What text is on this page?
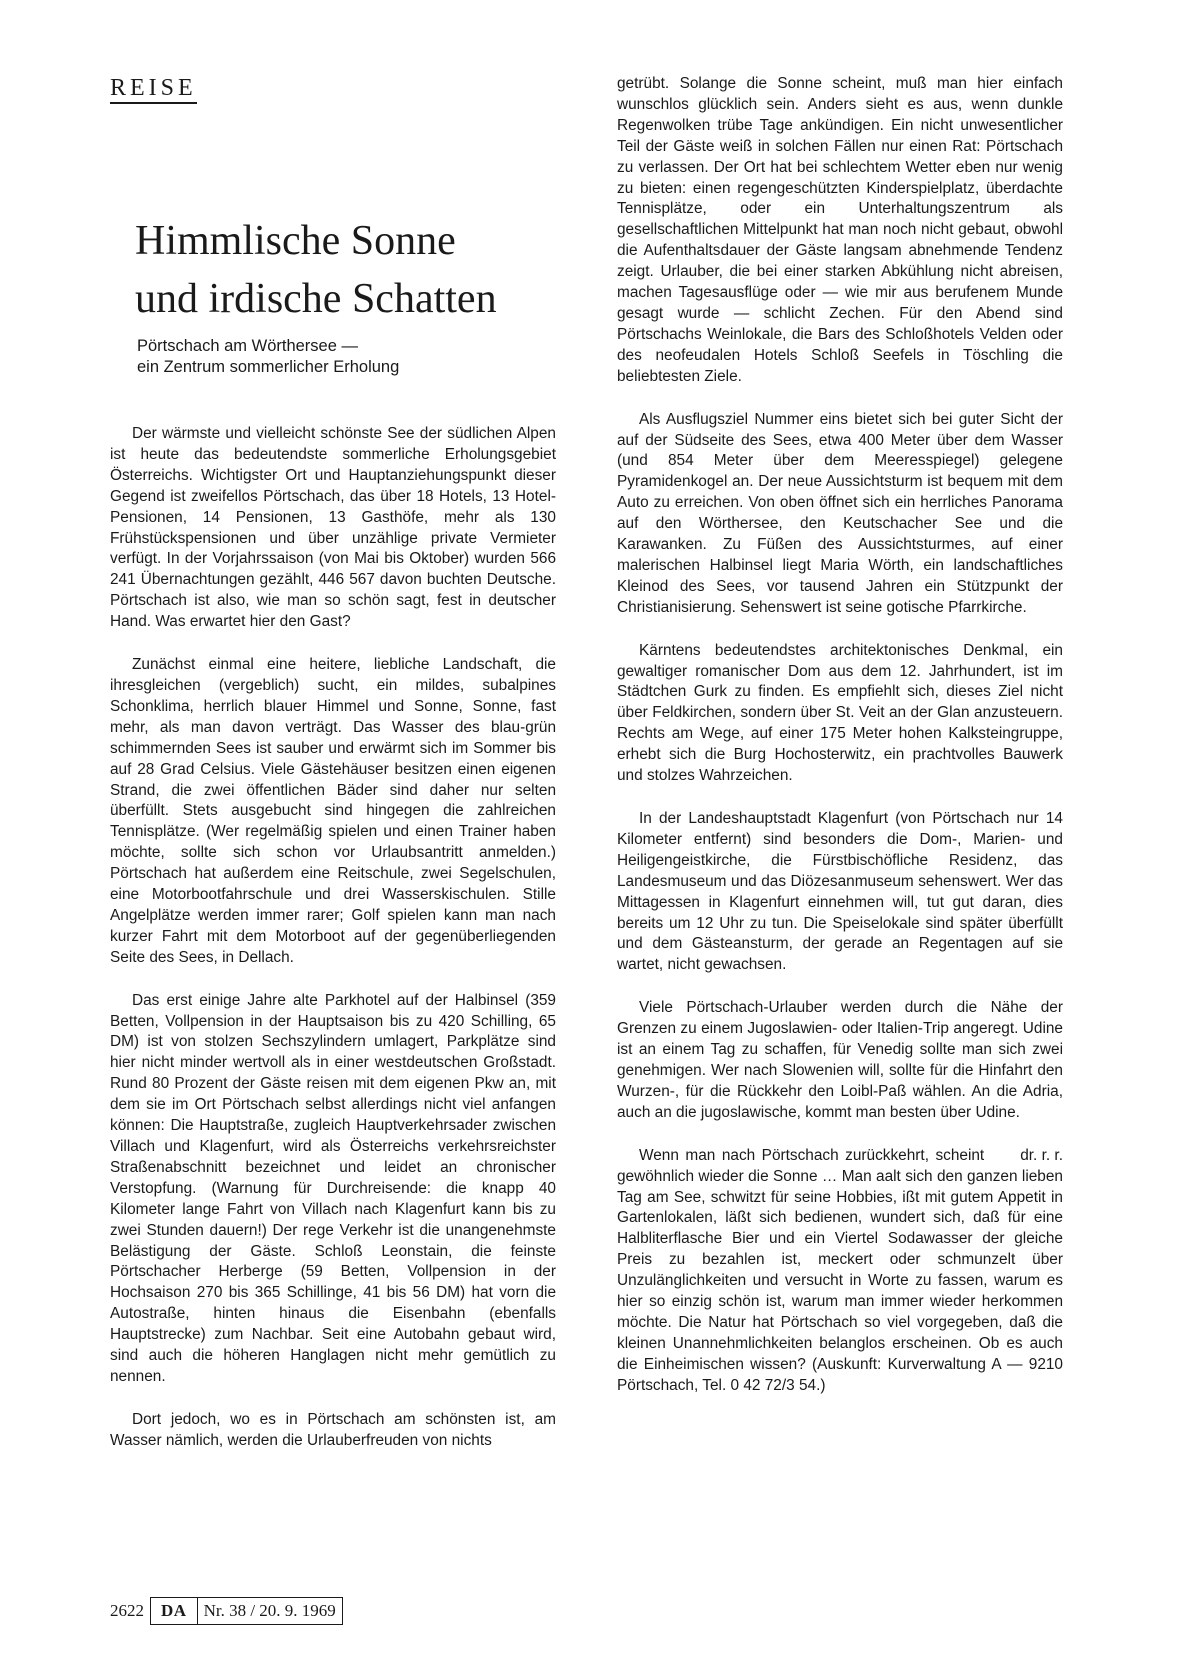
REISE
Himmlische Sonne
und irdische Schatten

Pörtschach am Wörthersee —
ein Zentrum sommerlicher Erholung

Der wärmste und vielleicht schönste See der südlichen Alpen ist heute das bedeutendste sommerliche Erholungsgebiet Österreichs. Wichtigster Ort und Hauptanziehungspunkt dieser Gegend ist zweifellos Pörtschach, das über 18 Hotels, 13 Hotel-Pensionen, 14 Pensionen, 13 Gasthöfe, mehr als 130 Frühstückspensionen und über unzählige private Vermieter verfügt. In der Vorjahrssaison (von Mai bis Oktober) wurden 566 241 Übernachtungen gezählt, 446 567 davon buchten Deutsche. Pörtschach ist also, wie man so schön sagt, fest in deutscher Hand. Was erwartet hier den Gast?

Zunächst einmal eine heitere, liebliche Landschaft, die ihresgleichen (vergeblich) sucht, ein mildes, subalpines Schonklima, herrlich blauer Himmel und Sonne, Sonne, fast mehr, als man davon verträgt. Das Wasser des blau-grün schimmernden Sees ist sauber und erwärmt sich im Sommer bis auf 28 Grad Celsius. Viele Gästehäuser besitzen einen eigenen Strand, die zwei öffentlichen Bäder sind daher nur selten überfüllt. Stets ausgebucht sind hingegen die zahlreichen Tennisplätze. (Wer regelmäßig spielen und einen Trainer haben möchte, sollte sich schon vor Urlaubsantritt anmelden.) Pörtschach hat außerdem eine Reitschule, zwei Segelschulen, eine Motorbootfahrschule und drei Wasserskischulen. Stille Angelplätze werden immer rarer; Golf spielen kann man nach kurzer Fahrt mit dem Motorboot auf der gegenüberliegenden Seite des Sees, in Dellach.

Das erst einige Jahre alte Parkhotel auf der Halbinsel (359 Betten, Vollpension in der Hauptsaison bis zu 420 Schilling, 65 DM) ist von stolzen Sechszylindern umlagert, Parkplätze sind hier nicht minder wertvoll als in einer westdeutschen Großstadt. Rund 80 Prozent der Gäste reisen mit dem eigenen Pkw an, mit dem sie im Ort Pörtschach selbst allerdings nicht viel anfangen können: Die Hauptstraße, zugleich Hauptverkehrsader zwischen Villach und Klagenfurt, wird als Österreichs verkehrsreichster Straßenabschnitt bezeichnet und leidet an chronischer Verstopfung. (Warnung für Durchreisende: die knapp 40 Kilometer lange Fahrt von Villach nach Klagenfurt kann bis zu zwei Stunden dauern!) Der rege Verkehr ist die unangenehmste Belästigung der Gäste. Schloß Leonstain, die feinste Pörtschacher Herberge (59 Betten, Vollpension in der Hochsaison 270 bis 365 Schillinge, 41 bis 56 DM) hat vorn die Autostraße, hinten hinaus die Eisenbahn (ebenfalls Hauptstrecke) zum Nachbar. Seit eine Autobahn gebaut wird, sind auch die höheren Hanglagen nicht mehr gemütlich zu nennen.

Dort jedoch, wo es in Pörtschach am schönsten ist, am Wasser nämlich, werden die Urlauberfreuden von nichts

getrübt. Solange die Sonne scheint, muß man hier einfach wunschlos glücklich sein. Anders sieht es aus, wenn dunkle Regenwolken trübe Tage ankündigen. Ein nicht unwesentlicher Teil der Gäste weiß in solchen Fällen nur einen Rat: Pörtschach zu verlassen. Der Ort hat bei schlechtem Wetter eben nur wenig zu bieten: einen regengeschützten Kinderspielplatz, überdachte Tennisplätze, oder ein Unterhaltungszentrum als gesellschaftlichen Mittelpunkt hat man noch nicht gebaut, obwohl die Aufenthaltsdauer der Gäste langsam abnehmende Tendenz zeigt. Urlauber, die bei einer starken Abkühlung nicht abreisen, machen Tagesausflüge oder — wie mir aus berufenem Munde gesagt wurde — schlicht Zechen. Für den Abend sind Pörtschachs Weinlokale, die Bars des Schloßhotels Velden oder des neofeudalen Hotels Schloß Seefels in Töschling die beliebtesten Ziele.

Als Ausflugsziel Nummer eins bietet sich bei guter Sicht der auf der Südseite des Sees, etwa 400 Meter über dem Wasser (und 854 Meter über dem Meeresspiegel) gelegene Pyramidenkogel an. Der neue Aussichtsturm ist bequem mit dem Auto zu erreichen. Von oben öffnet sich ein herrliches Panorama auf den Wörthersee, den Keutschacher See und die Karawanken. Zu Füßen des Aussichtsturmes, auf einer malerischen Halbinsel liegt Maria Wörth, ein landschaftliches Kleinod des Sees, vor tausend Jahren ein Stützpunkt der Christianisierung. Sehenswert ist seine gotische Pfarrkirche.

Kärntens bedeutendstes architektonisches Denkmal, ein gewaltiger romanischer Dom aus dem 12. Jahrhundert, ist im Städtchen Gurk zu finden. Es empfiehlt sich, dieses Ziel nicht über Feldkirchen, sondern über St. Veit an der Glan anzusteuern. Rechts am Wege, auf einer 175 Meter hohen Kalksteingruppe, erhebt sich die Burg Hochosterwitz, ein prachtvolles Bauwerk und stolzes Wahrzeichen.

In der Landeshauptstadt Klagenfurt (von Pörtschach nur 14 Kilometer entfernt) sind besonders die Dom-, Marien- und Heiligengeistkirche, die Fürstbischöfliche Residenz, das Landesmuseum und das Diözesanmuseum sehenswert. Wer das Mittagessen in Klagenfurt einnehmen will, tut gut daran, dies bereits um 12 Uhr zu tun. Die Speiselokale sind später überfüllt und dem Gästeansturm, der gerade an Regentagen auf sie wartet, nicht gewachsen.

Viele Pörtschach-Urlauber werden durch die Nähe der Grenzen zu einem Jugoslawien- oder Italien-Trip angeregt. Udine ist an einem Tag zu schaffen, für Venedig sollte man sich zwei genehmigen. Wer nach Slowenien will, sollte für die Hinfahrt den Wurzen-, für die Rückkehr den Loibl-Paß wählen. An die Adria, auch an die jugoslawische, kommt man besten über Udine.

dr. r. r.
Wenn man nach Pörtschach zurückkehrt, scheint gewöhnlich wieder die Sonne … Man aalt sich den ganzen lieben Tag am See, schwitzt für seine Hobbies, ißt mit gutem Appetit in Gartenlokalen, läßt sich bedienen, wundert sich, daß für eine Halbliterflasche Bier und ein Viertel Sodawasser der gleiche Preis zu bezahlen ist, meckert oder schmunzelt über Unzulänglichkeiten und versucht in Worte zu fassen, warum es hier so einzig schön ist, warum man immer wieder herkommen möchte. Die Natur hat Pörtschach so viel vorgegeben, daß die kleinen Unannehmlichkeiten belanglos erscheinen. Ob es auch die Einheimischen wissen? (Auskunft: Kurverwaltung A — 9210 Pörtschach, Tel. 0 42 72/3 54.)

2622	DA	Nr. 38 / 20. 9. 1969
